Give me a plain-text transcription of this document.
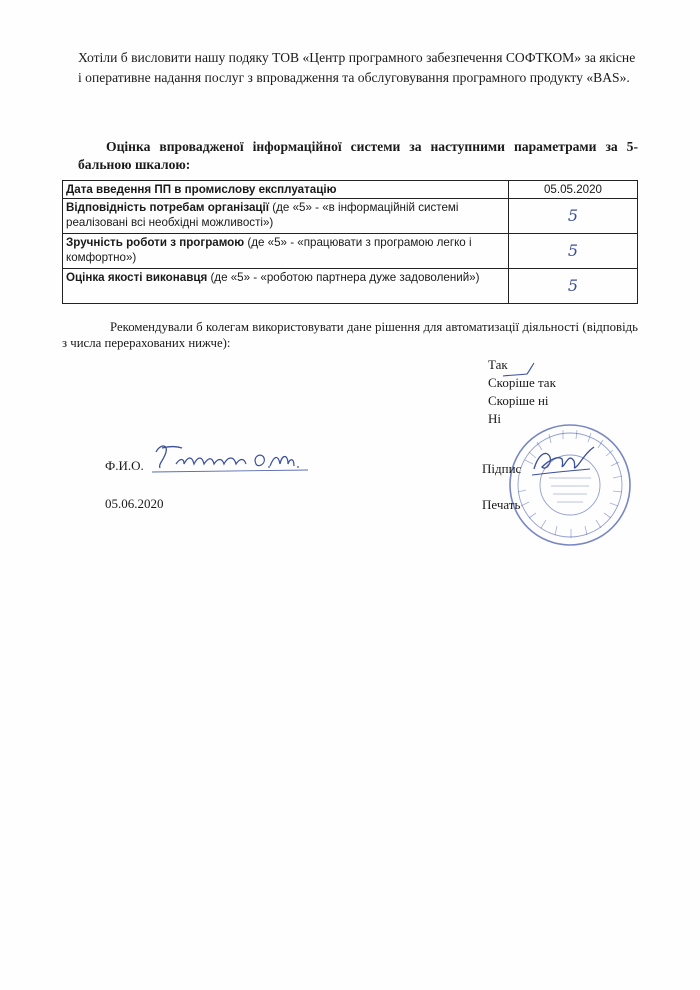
Хотіли б висловити нашу подяку ТОВ «Центр програмного забезпечення СОФТКОМ» за якісне і оперативне надання послуг з впровадження та обслуговування програмного продукту «BAS».

Оцінка впровадженої інформаційної системи за наступними параметрами за 5-бальною шкалою:

Дата введення ПП в промислову експлуатацію	05.05.2020
Відповідність потребам організації (де «5» - «в інформаційній системі реалізовані всі необхідні можливості»)	5
Зручність роботи з програмою (де «5» - «працювати з програмою легко і комфортно»)	5
Оцінка якості виконавця (де «5» - «роботою партнера дуже задоволений»)	5

Рекомендували б колегам використовувати дане рішення для автоматизації діяльності (відповідь з числа перерахованих нижче):

Так
Скоріше так
Скоріше ні
Ні
Ф.И.О.
05.06.2020
Підпис
Печать
